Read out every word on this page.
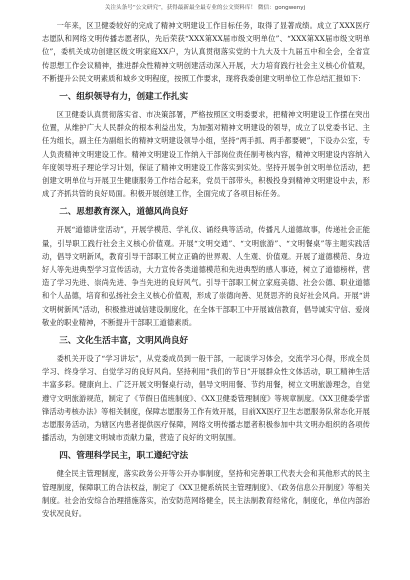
关注头条号“公文研究”，获得最新最全最专业的公文资料库！ 微信：gongwenyj

一年来，区卫健委较好的完成了精神文明建设工作目标任务，取得了显著成绩。成立了XXX医疗志愿队和网络文明传播志愿者队，先后荣获“XXX第XX届市级文明单位”、“XXX第XX届市级文明单位”，委机关成功创建区级文明家庭XX户，为认真贯彻落实党的十九大及十九届五中和全会，全省宣传思想工作会议精神，推进群众性精神文明创建活动深入开展，大力培育践行社会主义核心价值观，不断提升公民文明素质和城乡文明程度，按照工作要求，现将我委创建文明单位工作总结汇报如下：

一、组织领导有力，创建工作扎实

区卫健委认真贯彻落实省、市决策部署，严格按照区文明委要求，把精神文明建设工作摆在突出位置，从维护广大人民群众的根本利益出发，为加强对精神文明建设的领导，成立了以党委书记、主任为组长，副主任为副组长的精神文明建设领导小组，坚持“两手抓、两手都要硬”，下设办公室，专人负责精神文明建设工作。精神文明建设工作纳入干部岗位责任制考核内容，精神文明建设内容纳入年度领导班子理论学习计划，保证了精神文明建设工作落实到实处。坚持开展争创文明单位活动，把创建文明单位与开展卫生健康服务工作结合起来，党员干部带头，积极投身到精神文明建设中去，形成了齐抓共管的良好局面。积极开展创建工作，全面完成了各项目标任务。

二、思想教育深入，道德风尚良好

开展“道德讲堂活动”，开展学模范、学礼仪、诵经典等活动，传播凡人道德故事，传递社会正能量，引导职工践行社会主义核心价值观。开展“文明交通”、“文明旅游”、“文明餐桌”等主题实践活动，倡导文明新风，教育引导干部职工树立正确的世界观、人生观、价值观。开展了道德模范、身边好人等先进典型学习宣传活动，大力宣传各类道德模范和先进典型的感人事迹，树立了道德榜样，营造了学习先进、崇尚先进、争当先进的良好风气。引导干部职工树立家庭美德、社会公德、职业道德和个人品德，培育和弘扬社会主义核心价值观，形成了崇德向善、见贤思齐的良好社会风尚。开展“讲文明树新风”活动，积极推进诚信建设制度化，在全体干部职工中开展诚信教育，倡导诚实守信、爱岗敬业的职业精神，不断提升干部职工道德素质。

三、文化生活丰富，文明风尚良好

委机关开设了“学习讲坛”，从党委成员到一般干部，一起谈学习体会，交流学习心得，形成全员学习、终身学习、自觉学习的良好风尚。坚持利用“我们的节日”开展群众性文体活动，职工精神生活丰富多彩。健康向上、广泛开展文明餐桌行动，倡导文明用餐、节约用餐，树立文明旅游理念，自觉遵守文明旅游规范，制定了《节假日值班制度》、《XX卫健委管理制度》等规章制度。《XX卫健委学雷锋活动考核办法》等相关制度，保障志愿服务工作有效开展，目前XX医疗卫生志愿服务队常态化开展志愿服务活动，为辖区内患者提供医疗保障，网络文明传播志愿者积极参加中共文明办组织的各项传播活动，为创建文明城市贡献力量，营造了良好的文明氛围。

四、管理科学民主，职工遵纪守法

健全民主管理制度，落实政务公开等公开办事制度，坚持和完善职工代表大会和其他形式的民主管理制度，保障职工的合法权益，制定了《XX卫健系统民主管理制度》、《政务信息公开制度》等相关制度。社会治安综合治理措施落实，治安防范网络健全，民主法制教育经常化，制度化，单位内部治安状况良好。
